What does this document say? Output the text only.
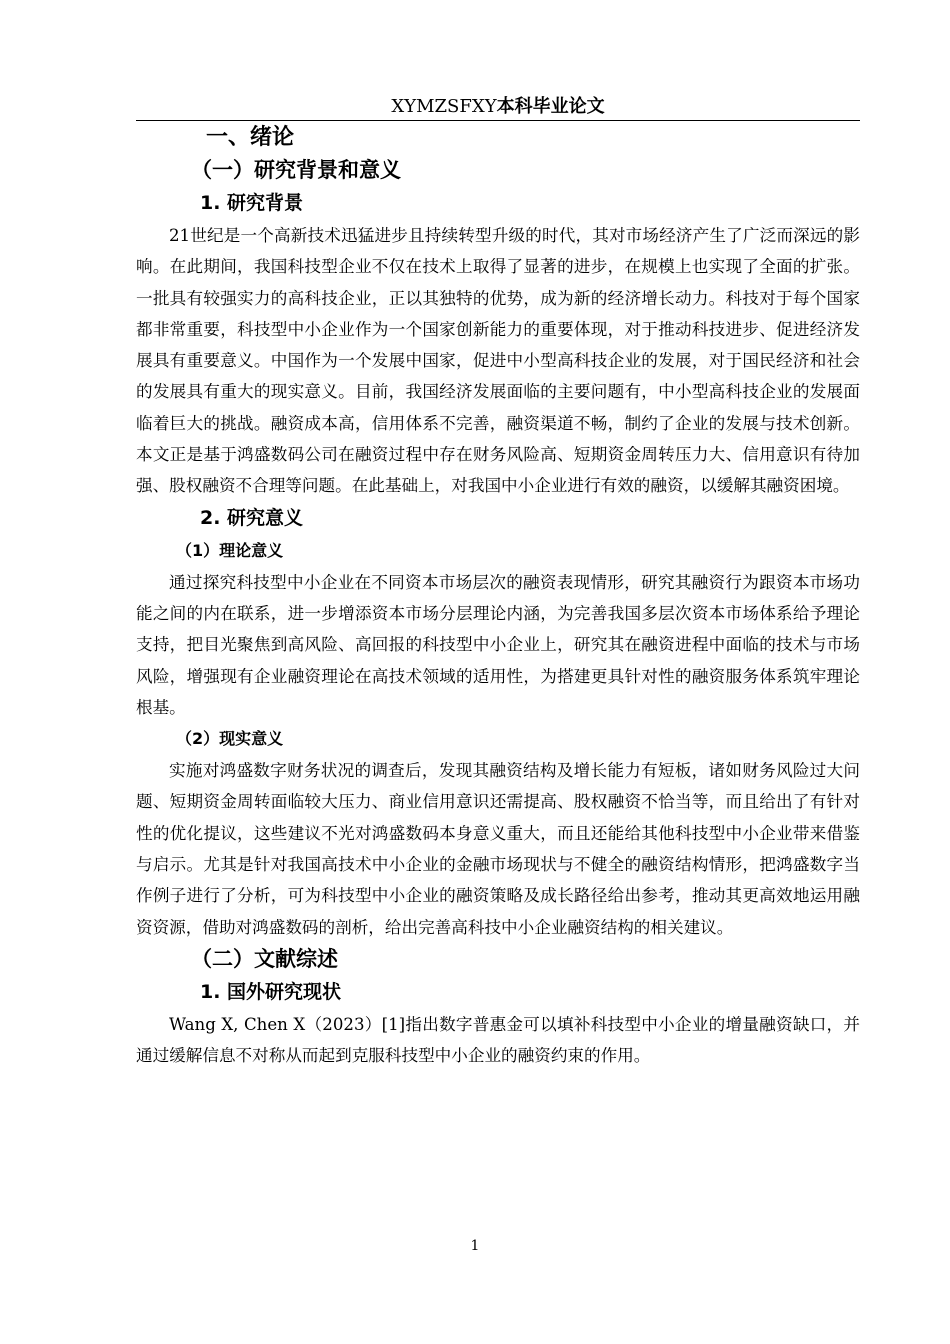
XYMZSFXY本科毕业论文
一、绪论
（一）研究背景和意义
1. 研究背景

21世纪是一个高新技术迅猛进步且持续转型升级的时代，其对市场经济产生了广泛而深远的影响。在此期间，我国科技型企业不仅在技术上取得了显著的进步，在规模上也实现了全面的扩张。一批具有较强实力的高科技企业，正以其独特的优势，成为新的经济增长动力。科技对于每个国家都非常重要，科技型中小企业作为一个国家创新能力的重要体现，对于推动科技进步、促进经济发展具有重要意义。中国作为一个发展中国家，促进中小型高科技企业的发展，对于国民经济和社会的发展具有重大的现实意义。目前，我国经济发展面临的主要问题有，中小型高科技企业的发展面临着巨大的挑战。融资成本高，信用体系不完善，融资渠道不畅，制约了企业的发展与技术创新。本文正是基于鸿盛数码公司在融资过程中存在财务风险高、短期资金周转压力大、信用意识有待加强、股权融资不合理等问题。在此基础上，对我国中小企业进行有效的融资，以缓解其融资困境。

2. 研究意义
（1）理论意义

通过探究科技型中小企业在不同资本市场层次的融资表现情形，研究其融资行为跟资本市场功能之间的内在联系，进一步增添资本市场分层理论内涵，为完善我国多层次资本市场体系给予理论支持，把目光聚焦到高风险、高回报的科技型中小企业上，研究其在融资进程中面临的技术与市场风险，增强现有企业融资理论在高技术领域的适用性，为搭建更具针对性的融资服务体系筑牢理论根基。

（2）现实意义

实施对鸿盛数字财务状况的调查后，发现其融资结构及增长能力有短板，诸如财务风险过大问题、短期资金周转面临较大压力、商业信用意识还需提高、股权融资不恰当等，而且给出了有针对性的优化提议，这些建议不光对鸿盛数码本身意义重大，而且还能给其他科技型中小企业带来借鉴与启示。尤其是针对我国高技术中小企业的金融市场现状与不健全的融资结构情形，把鸿盛数字当作例子进行了分析，可为科技型中小企业的融资策略及成长路径给出参考，推动其更高效地运用融资资源，借助对鸿盛数码的剖析，给出完善高科技中小企业融资结构的相关建议。

（二）文献综述
1. 国外研究现状

Wang X, Chen X（2023）[1]指出数字普惠金可以填补科技型中小企业的增量融资缺口，并通过缓解信息不对称从而起到克服科技型中小企业的融资约束的作用。

1
